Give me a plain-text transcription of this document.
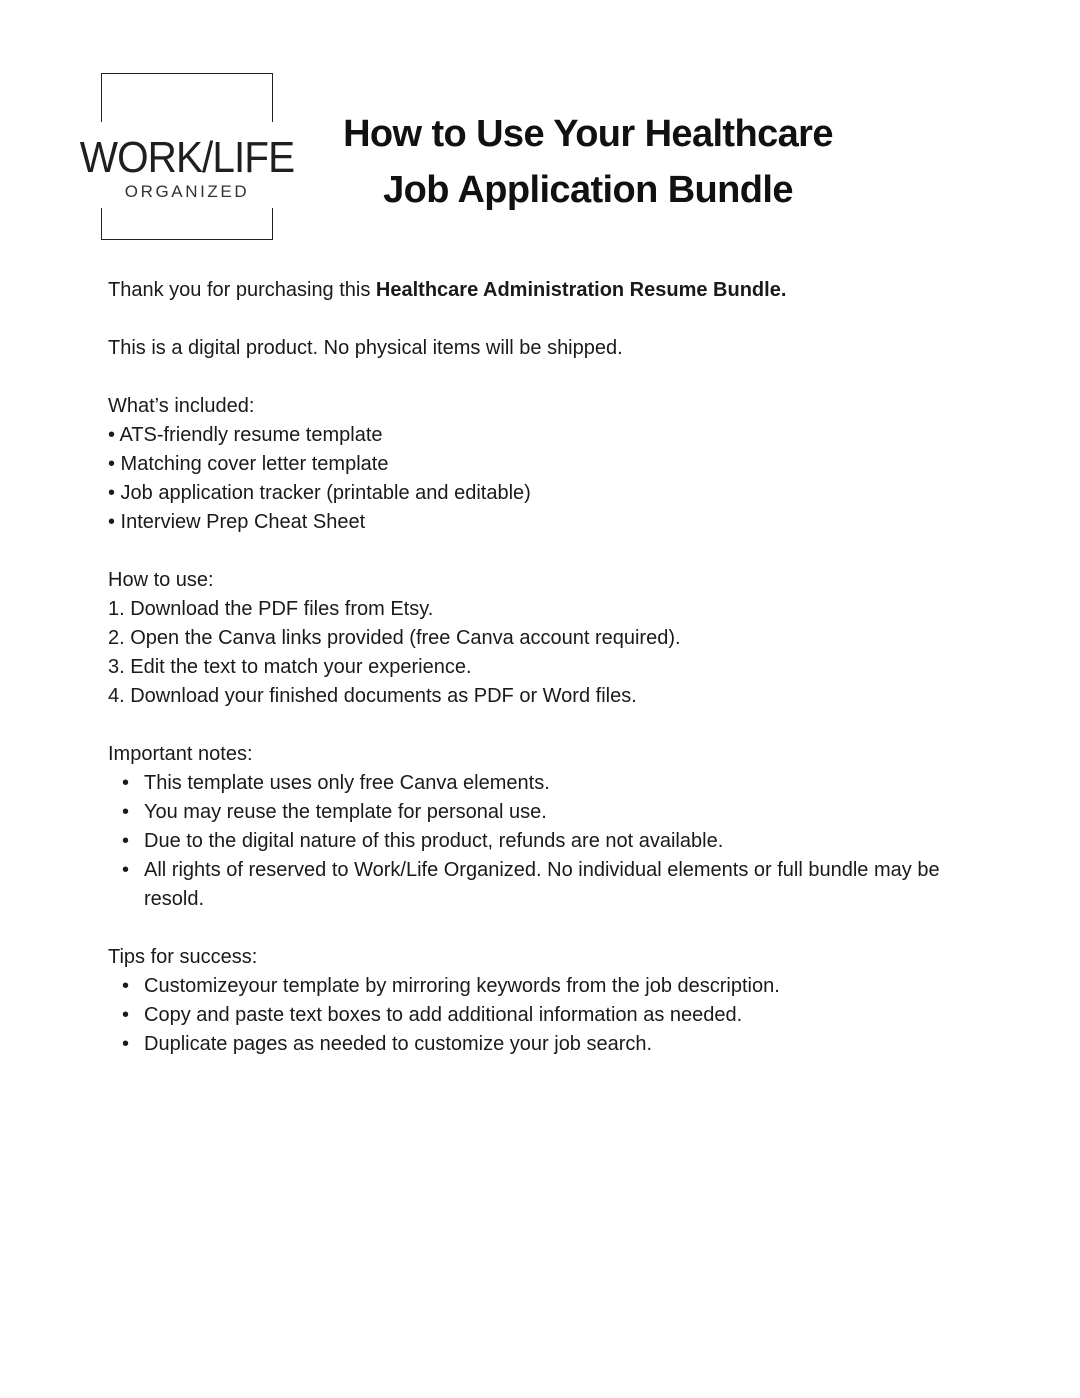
WORK/LIFE
ORGANIZED
How to Use Your Healthcare
Job Application Bundle

Thank you for purchasing this Healthcare Administration Resume Bundle.

This is a digital product. No physical items will be shipped.

What’s included:

• ATS-friendly resume template

• Matching cover letter template

• Job application tracker (printable and editable)

• Interview Prep Cheat Sheet

How to use:

1. Download the PDF files from Etsy.

2. Open the Canva links provided (free Canva account required).

3. Edit the text to match your experience.

4. Download your finished documents as PDF or Word files.

Important notes:

• This template uses only free Canva elements.
• You may reuse the template for personal use.
• Due to the digital nature of this product, refunds are not available.
• All rights of reserved to Work/Life Organized. No individual elements or full bundle may be resold.

Tips for success:

• Customizeyour template by mirroring keywords from the job description.
• Copy and paste text boxes to add additional information as needed.
• Duplicate pages as needed to customize your job search.
